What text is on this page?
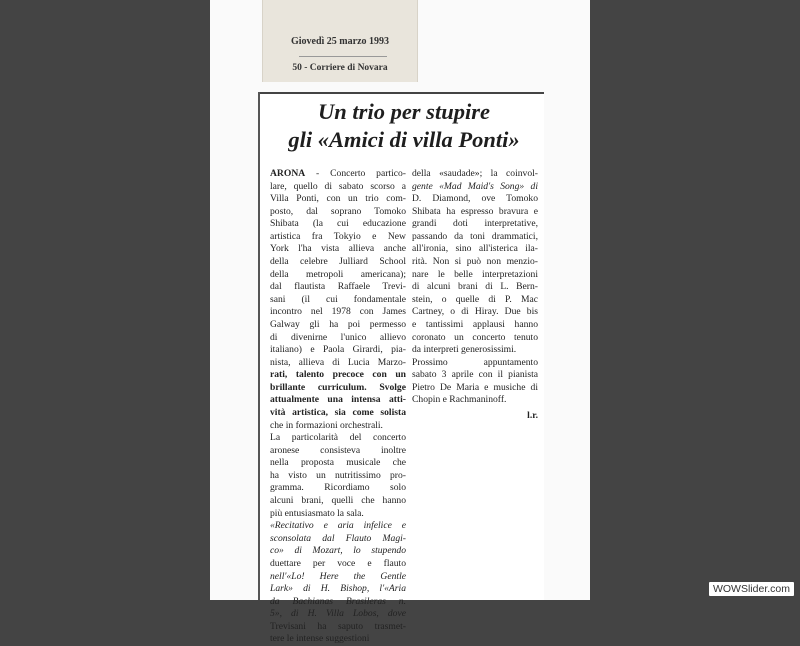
Giovedì 25 marzo 1993
50 - Corriere di Novara
Un trio per stupire
gli «Amici di villa Ponti»
ARONA - Concerto partico-
lare, quello di sabato scorso a
Villa Ponti, con un trio com-
posto, dal soprano Tomoko
Shibata (la cui educazione
artistica fra Tokyio e New
York l'ha vista allieva anche
della celebre Julliard School
della metropoli americana);
dal flautista Raffaele Trevi-
sani (il cui fondamentale
incontro nel 1978 con James
Galway gli ha poi permesso
di divenirne l'unico allievo
italiano) e Paola Girardi, pia-
nista, allieva di Lucia Marzo-
rati, talento precoce con un
brillante curriculum. Svolge
attualmente una intensa atti-
vità artistica, sia come solista
che in formazioni orchestrali.
La particolarità del concerto
aronese consisteva inoltre
nella proposta musicale che
ha visto un nutritissimo pro-
gramma. Ricordiamo solo
alcuni brani, quelli che hanno
più entusiasmato la sala.
«Recitativo e aria infelice e
sconsolata dal Flauto Magi-
co» di Mozart, lo stupendo
duettare per voce e flauto
nell'«Lo! Here the Gentle
Lark» di H. Bishop, l'«Aria
da Bachianas Brasileras n.
5», di H. Villa Lobos, dove
Trevisani ha saputo trasmet-
tere le intense suggestioni
della «saudade»; la coinvol-
gente «Mad Maid's Song» di
D. Diamond, ove Tomoko
Shibata ha espresso bravura e
grandi doti interpretative,
passando da toni drammatici,
all'ironia, sino all'isterica ila-
rità. Non si può non menzio-
nare le belle interpretazioni
di alcuni brani di L. Bern-
stein, o quelle di P. Mac
Cartney, o di Hiray. Due bis
e tantissimi applausi hanno
coronato un concerto tenuto
da interpreti generosissimi.
Prossimo appuntamento
sabato 3 aprile con il pianista
Pietro De Maria e musiche di
Chopin e Rachmaninoff.
l.r.
WOWSlider.com
